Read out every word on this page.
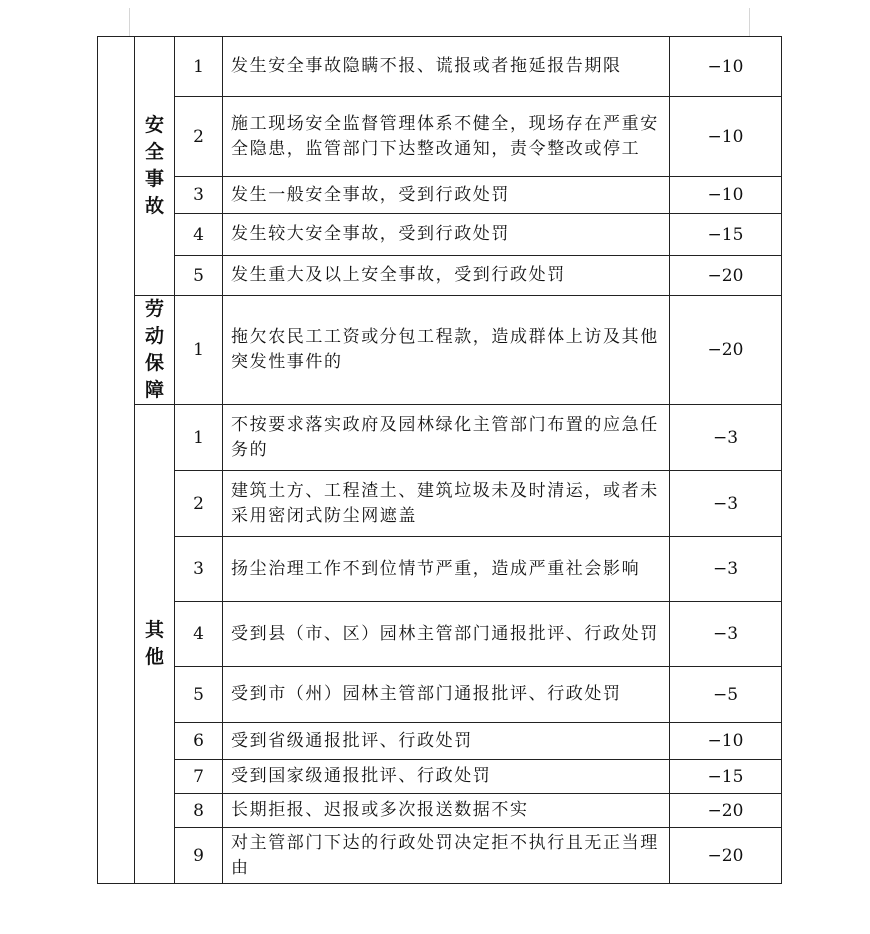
	安全事故	1	发生安全事故隐瞒不报、谎报或者拖延报告期限	−10
		2	施工现场安全监督管理体系不健全，现场存在严重安全隐患，监管部门下达整改通知，责令整改或停工	−10
		3	发生一般安全事故，受到行政处罚	−10
		4	发生较大安全事故，受到行政处罚	−15
		5	发生重大及以上安全事故，受到行政处罚	−20
	劳动保障	1	拖欠农民工工资或分包工程款，造成群体上访及其他突发性事件的	−20
	其他	1	不按要求落实政府及园林绿化主管部门布置的应急任务的	−3
		2	建筑土方、工程渣土、建筑垃圾未及时清运，或者未采用密闭式防尘网遮盖	−3
		3	扬尘治理工作不到位情节严重，造成严重社会影响	−3
		4	受到县（市、区）园林主管部门通报批评、行政处罚	−3
		5	受到市（州）园林主管部门通报批评、行政处罚	−5
		6	受到省级通报批评、行政处罚	−10
		7	受到国家级通报批评、行政处罚	−15
		8	长期拒报、迟报或多次报送数据不实	−20
		9	对主管部门下达的行政处罚决定拒不执行且无正当理由	−20
